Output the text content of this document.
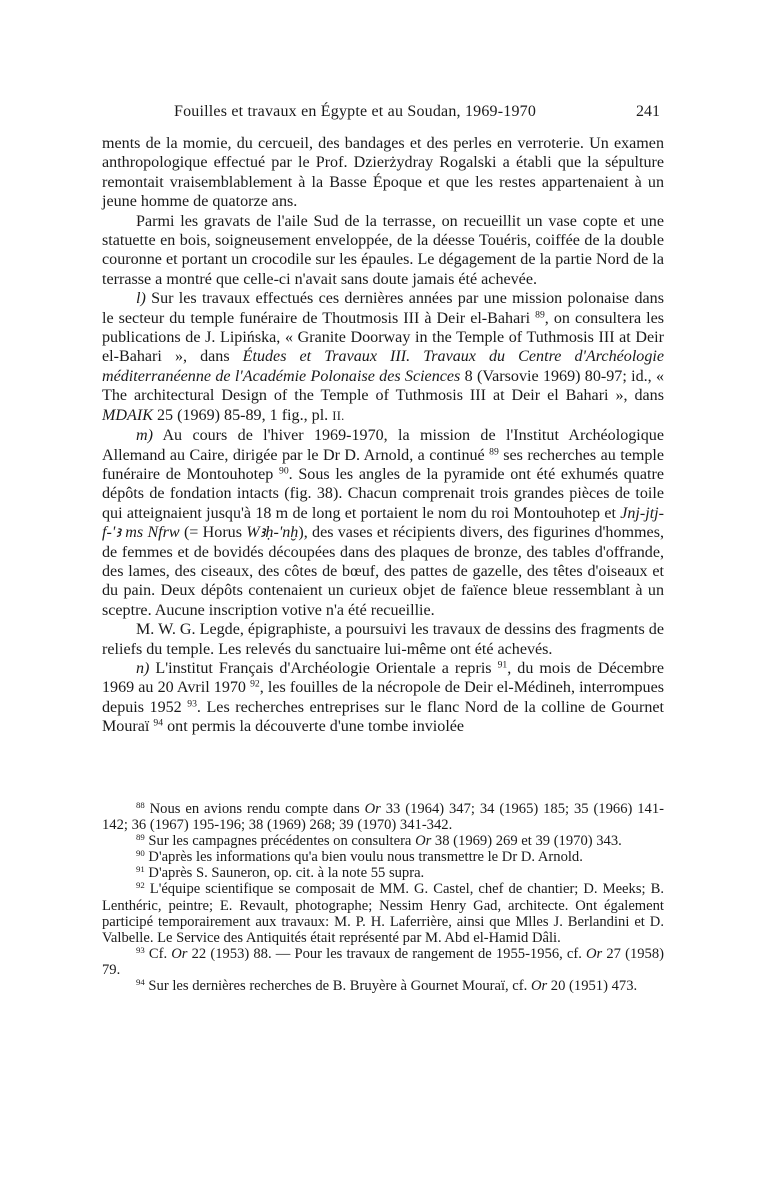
Fouilles et travaux en Égypte et au Soudan, 1969-1970	241

ments de la momie, du cercueil, des bandages et des perles en verroterie. Un examen anthropologique effectué par le Prof. Dzierżydray Rogalski a établi que la sépulture remontait vraisemblablement à la Basse Époque et que les restes appartenaient à un jeune homme de quatorze ans.

Parmi les gravats de l'aile Sud de la terrasse, on recueillit un vase copte et une statuette en bois, soigneusement enveloppée, de la déesse Touéris, coiffée de la double couronne et portant un crocodile sur les épaules. Le dégagement de la partie Nord de la terrasse a montré que celle-ci n'avait sans doute jamais été achevée.

l) Sur les travaux effectués ces dernières années par une mission polonaise dans le secteur du temple funéraire de Thoutmosis III à Deir el-Bahari $^{89}$, on consultera les publications de J. Lipińska, « Granite Doorway in the Temple of Tuthmosis III at Deir el-Bahari », dans Études et Travaux III. Travaux du Centre d'Archéologie méditerranéenne de l'Académie Polonaise des Sciences 8 (Varsovie 1969) 80-97; id., « The architectural Design of the Temple of Tuthmosis III at Deir el Bahari », dans MDAIK 25 (1969) 85-89, 1 fig., pl. II.

m) Au cours de l'hiver 1969-1970, la mission de l'Institut Archéologique Allemand au Caire, dirigée par le Dr D. Arnold, a continué $^{89}$ ses recherches au temple funéraire de Montouhotep $^{90}$. Sous les angles de la pyramide ont été exhumés quatre dépôts de fondation intacts (fig. 38). Chacun comprenait trois grandes pièces de toile qui atteignaient jusqu'à 18 m de long et portaient le nom du roi Montouhotep et Jnj-jtj-f-'ꜣ ms Nfrw (= Horus Wꜣḥ-'nḫ), des vases et récipients divers, des figurines d'hommes, de femmes et de bovidés découpées dans des plaques de bronze, des tables d'offrande, des lames, des ciseaux, des côtes de bœuf, des pattes de gazelle, des têtes d'oiseaux et du pain. Deux dépôts contenaient un curieux objet de faïence bleue ressemblant à un sceptre. Aucune inscription votive n'a été recueillie.

M. W. G. Legde, épigraphiste, a poursuivi les travaux de dessins des fragments de reliefs du temple. Les relevés du sanctuaire lui-même ont été achevés.

n) L'institut Français d'Archéologie Orientale a repris $^{91}$, du mois de Décembre 1969 au 20 Avril 1970 $^{92}$, les fouilles de la nécropole de Deir el-Médineh, interrompues depuis 1952 $^{93}$. Les recherches entreprises sur le flanc Nord de la colline de Gournet Mouraï $^{94}$ ont permis la découverte d'une tombe inviolée

$^{88}$ Nous en avions rendu compte dans Or 33 (1964) 347; 34 (1965) 185; 35 (1966) 141-142; 36 (1967) 195-196; 38 (1969) 268; 39 (1970) 341-342.

$^{89}$ Sur les campagnes précédentes on consultera Or 38 (1969) 269 et 39 (1970) 343.

$^{90}$ D'après les informations qu'a bien voulu nous transmettre le Dr D. Arnold.

$^{91}$ D'après S. Sauneron, op. cit. à la note 55 supra.

$^{92}$ L'équipe scientifique se composait de MM. G. Castel, chef de chantier; D. Meeks; B. Lenthéric, peintre; E. Revault, photographe; Nessim Henry Gad, architecte. Ont également participé temporairement aux travaux: M. P. H. Laferrière, ainsi que Mlles J. Berlandini et D. Valbelle. Le Service des Antiquités était représenté par M. Abd el-Hamid Dâli.

$^{93}$ Cf. Or 22 (1953) 88. — Pour les travaux de rangement de 1955-1956, cf. Or 27 (1958) 79.

$^{94}$ Sur les dernières recherches de B. Bruyère à Gournet Mouraï, cf. Or 20 (1951) 473.
